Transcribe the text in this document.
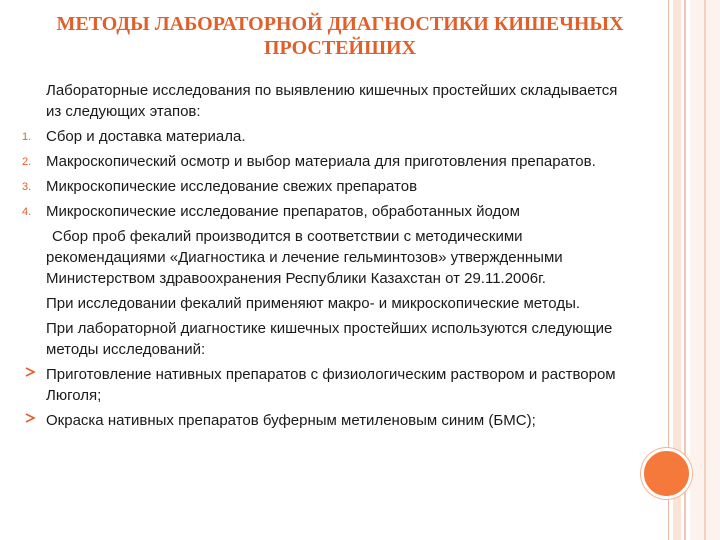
МЕТОДЫ ЛАБОРАТОРНОЙ ДИАГНОСТИКИ КИШЕЧНЫХ ПРОСТЕЙШИХ

Лабораторные исследования по выявлению кишечных простейших складывается из следующих этапов:

1. Сбор и доставка материала.
2. Макроскопический осмотр и выбор материала для приготовления препаратов.
3. Микроскопические исследование свежих препаратов
4. Микроскопические исследование препаратов, обработанных йодом

Сбор проб фекалий производится в соответствии с методическими рекомендациями «Диагностика и лечение гельминтозов» утвержденными Министерством здравоохранения Республики Казахстан от 29.11.2006г.

При исследовании фекалий применяют макро- и микроскопические методы.

При лабораторной диагностике кишечных простейших используются следующие методы исследований:

Приготовление нативных препаратов с физиологическим раствором и раствором Люголя;
Окраска нативных препаратов буферным метиленовым синим (БМС);
